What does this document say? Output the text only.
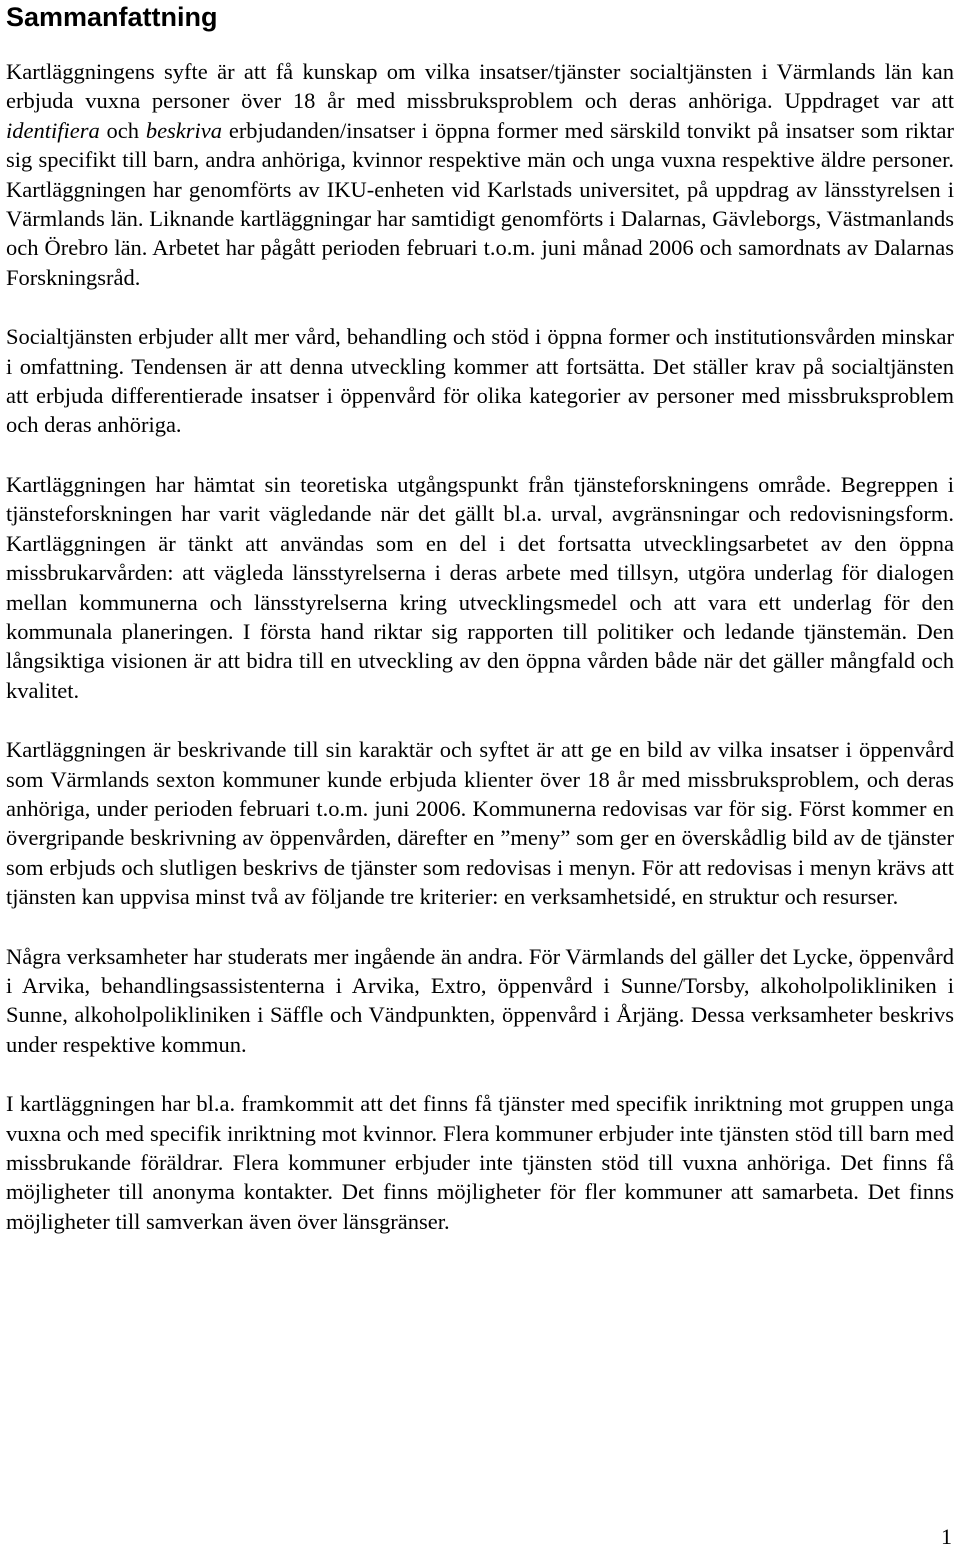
Sammanfattning

Kartläggningens syfte är att få kunskap om vilka insatser/tjänster socialtjänsten i Värmlands län kan erbjuda vuxna personer över 18 år med missbruksproblem och deras anhöriga. Uppdraget var att identifiera och beskriva erbjudanden/insatser i öppna former med särskild tonvikt på insatser som riktar sig specifikt till barn, andra anhöriga, kvinnor respektive män och unga vuxna respektive äldre personer. Kartläggningen har genomförts av IKU-enheten vid Karlstads universitet, på uppdrag av länsstyrelsen i Värmlands län. Liknande kartläggningar har samtidigt genomförts i Dalarnas, Gävleborgs, Västmanlands och Örebro län. Arbetet har pågått perioden februari t.o.m. juni månad 2006 och samordnats av Dalarnas Forskningsråd.

Socialtjänsten erbjuder allt mer vård, behandling och stöd i öppna former och institutionsvården minskar i omfattning. Tendensen är att denna utveckling kommer att fortsätta. Det ställer krav på socialtjänsten att erbjuda differentierade insatser i öppenvård för olika kategorier av personer med missbruksproblem och deras anhöriga.

Kartläggningen har hämtat sin teoretiska utgångspunkt från tjänsteforskningens område. Begreppen i tjänsteforskningen har varit vägledande när det gällt bl.a. urval, avgränsningar och redovisningsform. Kartläggningen är tänkt att användas som en del i det fortsatta utvecklingsarbetet av den öppna missbrukarvården: att vägleda länsstyrelserna i deras arbete med tillsyn, utgöra underlag för dialogen mellan kommunerna och länsstyrelserna kring utvecklingsmedel och att vara ett underlag för den kommunala planeringen. I första hand riktar sig rapporten till politiker och ledande tjänstemän. Den långsiktiga visionen är att bidra till en utveckling av den öppna vården både när det gäller mångfald och kvalitet.

Kartläggningen är beskrivande till sin karaktär och syftet är att ge en bild av vilka insatser i öppenvård som Värmlands sexton kommuner kunde erbjuda klienter över 18 år med missbruksproblem, och deras anhöriga, under perioden februari t.o.m. juni 2006. Kommunerna redovisas var för sig. Först kommer en övergripande beskrivning av öppenvården, därefter en ”meny” som ger en överskådlig bild av de tjänster som erbjuds och slutligen beskrivs de tjänster som redovisas i menyn. För att redovisas i menyn krävs att tjänsten kan uppvisa minst två av följande tre kriterier: en verksamhetsidé, en struktur och resurser.

Några verksamheter har studerats mer ingående än andra. För Värmlands del gäller det Lycke, öppenvård i Arvika, behandlingsassistenterna i Arvika, Extro, öppenvård i Sunne/Torsby, alkoholpolikliniken i Sunne, alkoholpolikliniken i Säffle och Vändpunkten, öppenvård i Årjäng. Dessa verksamheter beskrivs under respektive kommun.

I kartläggningen har bl.a. framkommit att det finns få tjänster med specifik inriktning mot gruppen unga vuxna och med specifik inriktning mot kvinnor. Flera kommuner erbjuder inte tjänsten stöd till barn med missbrukande föräldrar. Flera kommuner erbjuder inte tjänsten stöd till vuxna anhöriga. Det finns få möjligheter till anonyma kontakter. Det finns möjligheter för fler kommuner att samarbeta. Det finns möjligheter till samverkan även över länsgränser.

1
